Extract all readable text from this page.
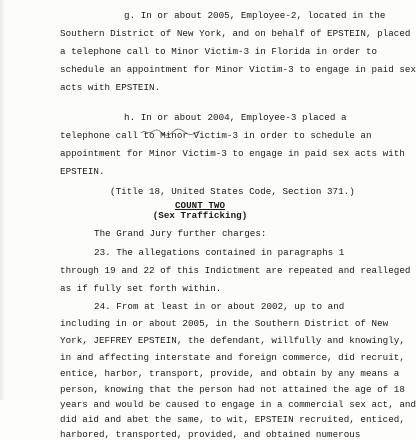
g. In or about 2005, Employee-2, located in the
Southern District of New York, and on behalf of EPSTEIN, placed
a telephone call to Minor Victim-3 in Florida in order to
schedule an appointment for Minor Victim-3 to engage in paid sex
acts with EPSTEIN.
h. In or about 2004, Employee-3 placed a
telephone call to Minor Victim-3 in order to schedule an
appointment for Minor Victim-3 to engage in paid sex acts with
EPSTEIN.
(Title 18, United States Code, Section 371.)
COUNT TWO
(Sex Trafficking)
The Grand Jury further charges:
23. The allegations contained in paragraphs 1
through 19 and 22 of this Indictment are repeated and realleged
as if fully set forth within.
24. From at least in or about 2002, up to and
including in or about 2005, in the Southern District of New
York, JEFFREY EPSTEIN, the defendant, willfully and knowingly,
in and affecting interstate and foreign commerce, did recruit,
entice, harbor, transport, provide, and obtain by any means a
person, knowing that the person had not attained the age of 18
years and would be caused to engage in a commercial sex act, and
did aid and abet the same, to wit, EPSTEIN recruited, enticed,
harbored, transported, provided, and obtained numerous
